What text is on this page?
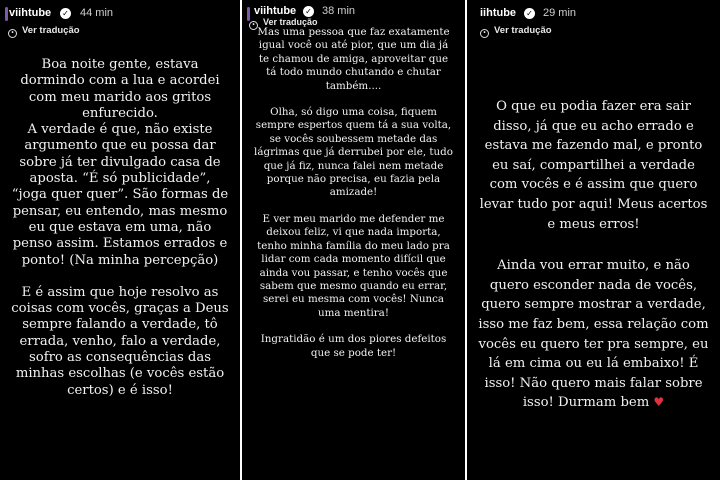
viihtube ✓ 44 min
• Ver tradução

Boa noite gente, estava dormindo com a lua e acordei com meu marido aos gritos enfurecido.

A verdade é que, não existe argumento que eu possa dar sobre já ter divulgado casa de aposta. “É só publicidade”, “joga quer quer”. São formas de pensar, eu entendo, mas mesmo eu que estava em uma, não penso assim. Estamos errados e ponto! (Na minha percepção)

E é assim que hoje resolvo as coisas com vocês, graças a Deus sempre falando a verdade, tô errada, venho, falo a verdade, sofro as consequências das minhas escolhas (e vocês estão certos) e é isso!

Mas uma pessoa que faz exatamente igual você ou até pior, que um dia já te chamou de amiga, aproveitar que tá todo mundo chutando e chutar também....

Olha, só digo uma coisa, fiquem sempre espertos quem tá a sua volta, se vocês soubessem metade das lágrimas que já derrubei por ele, tudo que já fiz, nunca falei nem metade porque não precisa, eu fazia pela amizade!

E ver meu marido me defender me deixou feliz, vi que nada importa, tenho minha família do meu lado pra lidar com cada momento difícil que ainda vou passar, e tenho vocês que sabem que mesmo quando eu errar, serei eu mesma com vocês! Nunca uma mentira!

Ingratidão é um dos piores defeitos que se pode ter!

viihtube ✓ 38 min
• Ver tradução
iihtube ✓ 29 min
• Ver tradução

O que eu podia fazer era sair disso, já que eu acho errado e estava me fazendo mal, e pronto eu saí, compartilhei a verdade com vocês e é assim que quero levar tudo por aqui! Meus acertos e meus erros!

Ainda vou errar muito, e não quero esconder nada de vocês, quero sempre mostrar a verdade, isso me faz bem, essa relação com vocês eu quero ter pra sempre, eu lá em cima ou eu lá embaixo! É isso! Não quero mais falar sobre isso! Durmam bem ♥
